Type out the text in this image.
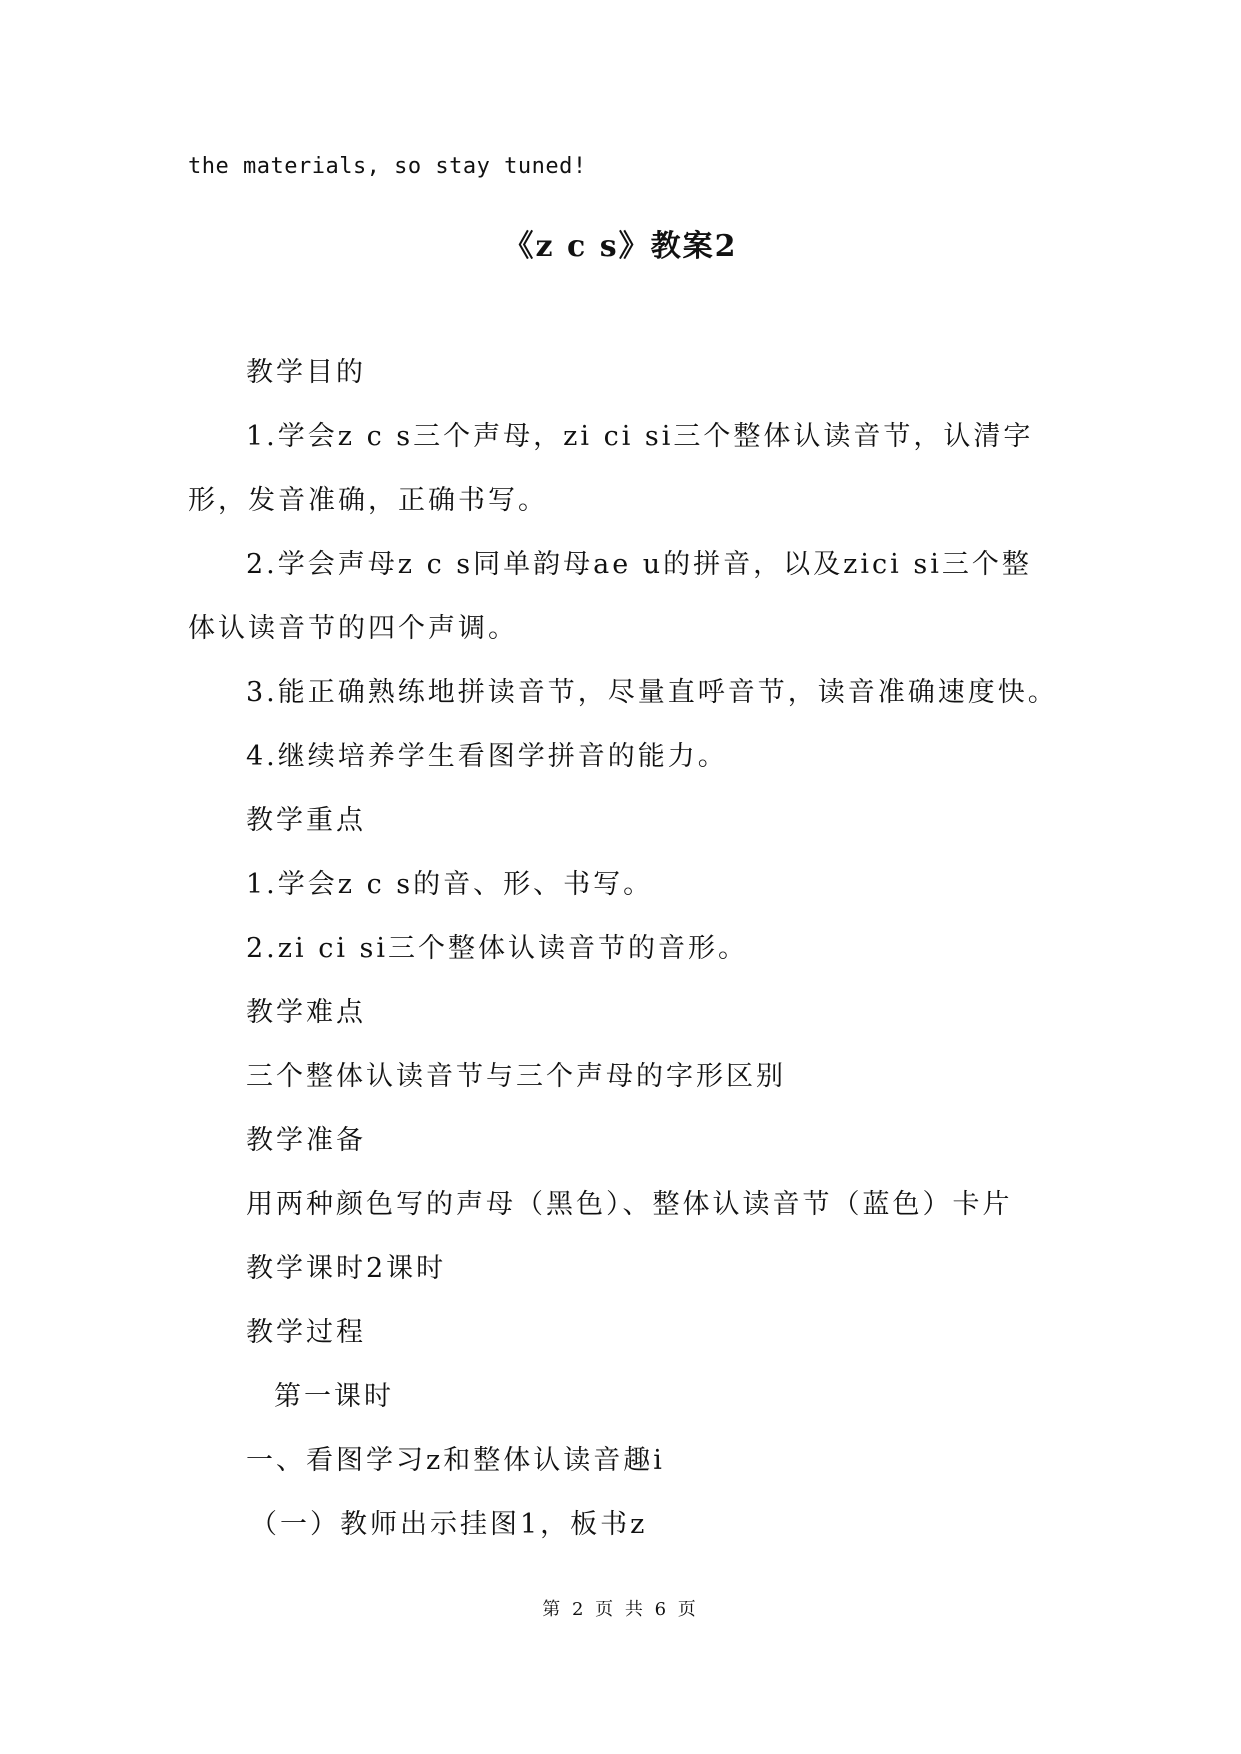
the materials, so stay tuned!
《z c s》教案2
教学目的
1.学会z c s三个声母，zi ci si三个整体认读音节，认清字
形，发音准确，正确书写。
2.学会声母z c s同单韵母ae u的拼音，以及zici si三个整
体认读音节的四个声调。
3.能正确熟练地拼读音节，尽量直呼音节，读音准确速度快。
4.继续培养学生看图学拼音的能力。
教学重点
1.学会z c s的音、形、书写。
2.zi ci si三个整体认读音节的音形。
教学难点
三个整体认读音节与三个声母的字形区别
教学准备
用两种颜色写的声母（黑色）、整体认读音节（蓝色）卡片
教学课时2课时
教学过程
第一课时
一、看图学习z和整体认读音趣i
（一）教师出示挂图1，板书z
第 2 页 共 6 页
